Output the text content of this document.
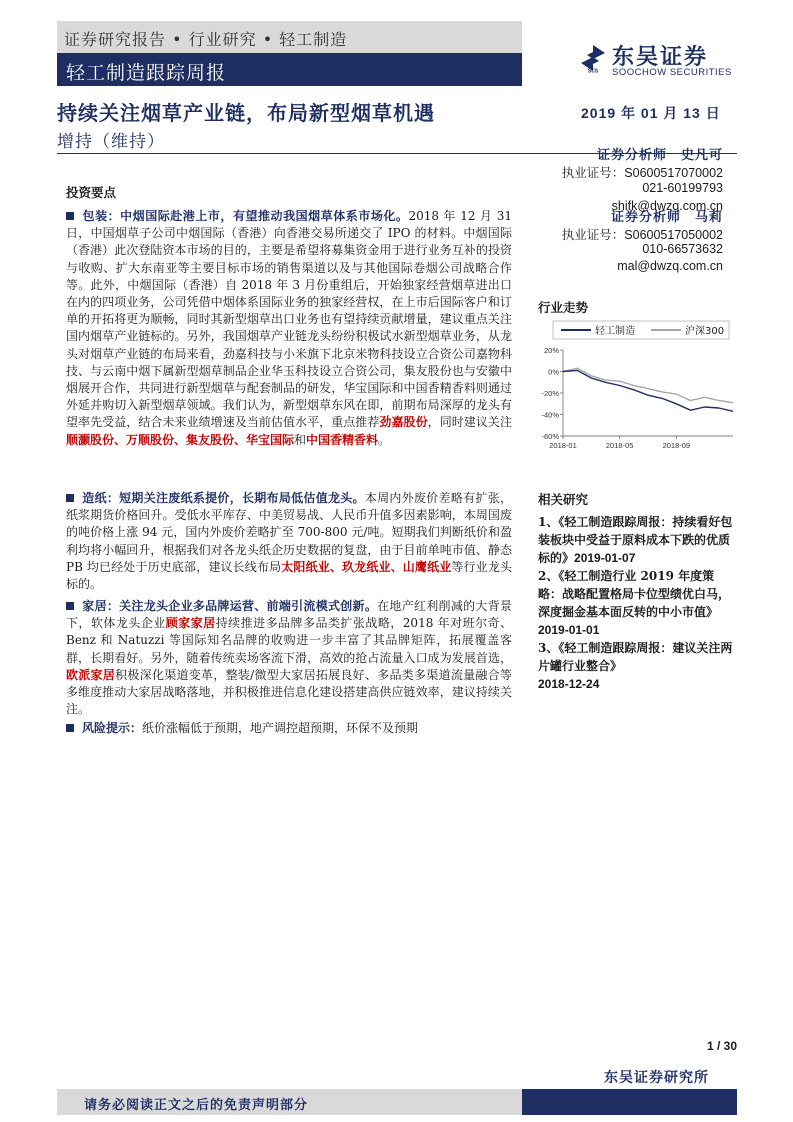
证券研究报告 • 行业研究 • 轻工制造
轻工制造跟踪周报	SCS
东吴证券
SOOCHOW SECURITIES
持续关注烟草产业链，布局新型烟草机遇	2019 年 01 月 13 日
增持（维持）
证券分析师　史凡可
执业证号：S0600517070002
021-60199793
shifk@dwzq.com.cn
证券分析师　马莉
执业证号：S0600517050002
010-66573632
mal@dwzq.com.cn
投资要点
包装：中烟国际赴港上市，有望推动我国烟草体系市场化。2018 年 12 月 31 日，中国烟草子公司中烟国际（香港）向香港交易所递交了 IPO 的材料。中烟国际（香港）此次登陆资本市场的目的，主要是希望将募集资金用于进行业务互补的投资与收购、扩大东南亚等主要目标市场的销售渠道以及与其他国际卷烟公司战略合作等。此外，中烟国际（香港）自 2018 年 3 月份重组后，开始独家经营烟草进出口在内的四项业务，公司凭借中烟体系国际业务的独家经营权，在上市后国际客户和订单的开拓将更为顺畅，同时其新型烟草出口业务也有望持续贡献增量，建议重点关注国内烟草产业链标的。另外，我国烟草产业链龙头纷纷积极试水新型烟草业务，从龙头对烟草产业链的布局来看，劲嘉科技与小米旗下北京米物科技设立合资公司嘉物科技、与云南中烟下属新型烟草制品企业华玉科技设立合资公司，集友股份也与安徽中烟展开合作，共同进行新型烟草与配套制品的研发，华宝国际和中国香精香料则通过外延并购切入新型烟草领域。我们认为，新型烟草东风在即，前期布局深厚的龙头有望率先受益，结合未来业绩增速及当前估值水平，重点推荐劲嘉股份，同时建议关注顺灏股份、万顺股份、集友股份、华宝国际和中国香精香料。
造纸：短期关注废纸系提价，长期布局低估值龙头。本周内外废价差略有扩张，纸浆期货价格回升。受低水平库存、中美贸易战、人民币升值多因素影响，本周国废的吨价格上涨 94 元，国内外废价差略扩至 700-800 元/吨。短期我们判断纸价和盈利均将小幅回升，根据我们对各龙头纸企历史数据的复盘，由于目前单吨市值、静态 PB 均已经处于历史底部，建议长线布局太阳纸业、玖龙纸业、山鹰纸业等行业龙头标的。
家居：关注龙头企业多品牌运营、前端引流模式创新。在地产红利削减的大背景下，软体龙头企业顾家家居持续推进多品牌多品类扩张战略，2018 年对班尔奇、Benz 和 Natuzzi 等国际知名品牌的收购进一步丰富了其品牌矩阵，拓展覆盖客群，长期看好。另外，随着传统卖场客流下滑，高效的抢占流量入口成为发展首选，欧派家居积极深化渠道变革，整装/微型大家居拓展良好、多品类多渠道流量融合等多维度推动大家居战略落地，并积极推进信息化建设搭建高供应链效率，建议持续关注。
风险提示：纸价涨幅低于预期，地产调控超预期，环保不及预期
行业走势
轻工制造	沪深300
20%
0%
-20%
-40%
-60%
2018-01	2018-05	2018-09
相关研究
1、《轻工制造跟踪周报：持续看好包装板块中受益于原料成本下跌的优质标的》2019-01-07
2、《轻工制造行业 2019 年度策略：战略配置格局卡位型绩优白马，深度掘金基本面反转的中小市值》2019-01-01
3、《轻工制造跟踪周报：建议关注两片罐行业整合》
2018-12-24
1 / 30
东吴证券研究所
请务必阅读正文之后的免责声明部分
